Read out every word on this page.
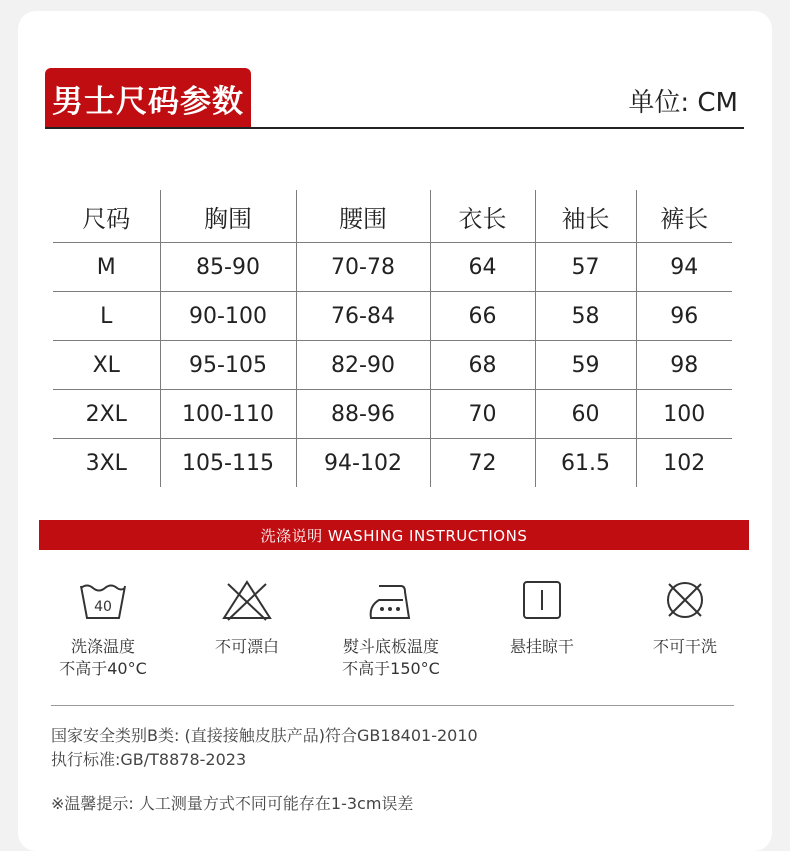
男士尺码参数	单位: CM
尺码	胸围	腰围	衣长	袖长	裤长
M	85-90	70-78	64	57	94
L	90-100	76-84	66	58	96
XL	95-105	82-90	68	59	98
2XL	100-110	88-96	70	60	100
3XL	105-115	94-102	72	61.5	102
洗涤说明 WASHING INSTRUCTIONS
40
洗涤温度
不高于40°C
不可漂白	熨斗底板温度
不高于150°C
悬挂晾干	不可干洗
国家安全类别B类: (直接接触皮肤产品)符合GB18401-2010
执行标准:GB/T8878-2023
※温馨提示: 人工测量方式不同可能存在1-3cm误差
